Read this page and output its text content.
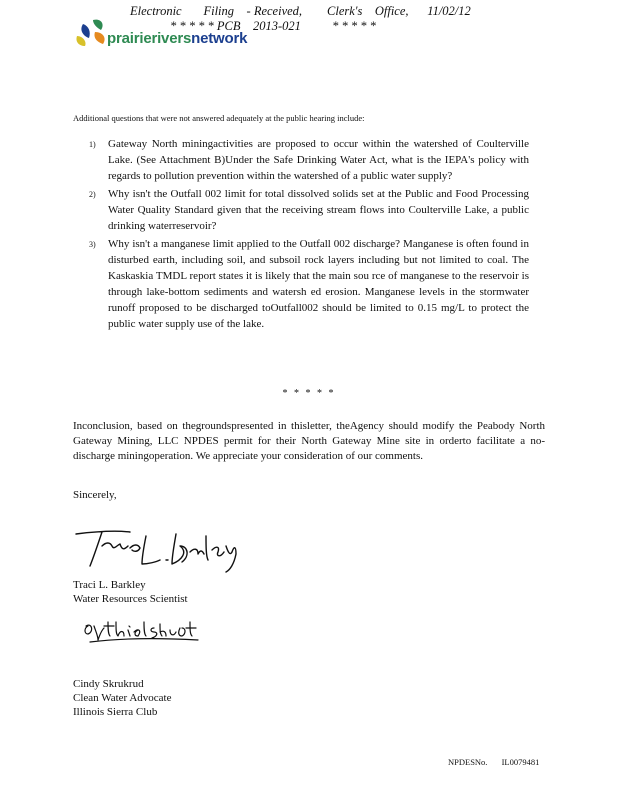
Electronic       Filing    - Received,        Clerk's    Office,      11/02/12
* * * * * PCB    2013-021          * * * * *
prairieriversnetwork
Additional questions that were not answered adequately at the public hearing include:
1) Gateway North miningactivities are proposed to occur within the watershed of Coulterville Lake. (See Attachment B)Under the Safe Drinking Water Act, what is the IEPA's policy with regards to pollution prevention within the watershed of a public water supply?
2) Why isn't the Outfall 002 limit for total dissolved solids set at the Public and Food Processing Water Quality Standard given that the receiving stream flows into Coulterville Lake, a public drinking waterreservoir?
3) Why isn't a manganese limit applied to the Outfall 002 discharge? Manganese is often found in disturbed earth, including soil, and subsoil rock layers including but not limited to coal. The Kaskaskia TMDL report states it is likely that the main sou rce of manganese to the reservoir is through lake-bottom sediments and watersh ed erosion. Manganese levels in the stormwater runoff proposed to be discharged toOutfall002 should be limited to 0.15 mg/L to protect the public water supply use of the lake.
* * * * *
Inconclusion, based on thegroundspresented in thisletter, theAgency should modify the Peabody North Gateway Mining, LLC NPDES permit for their North Gateway Mine site in orderto facilitate a no-discharge miningoperation. We appreciate your consideration of our comments.
Sincerely,
Traci L. Barkley
Water Resources Scientist
Cindy Skrukrud
Clean Water Advocate
Illinois Sierra Club
NPDESNo. IL0079481
